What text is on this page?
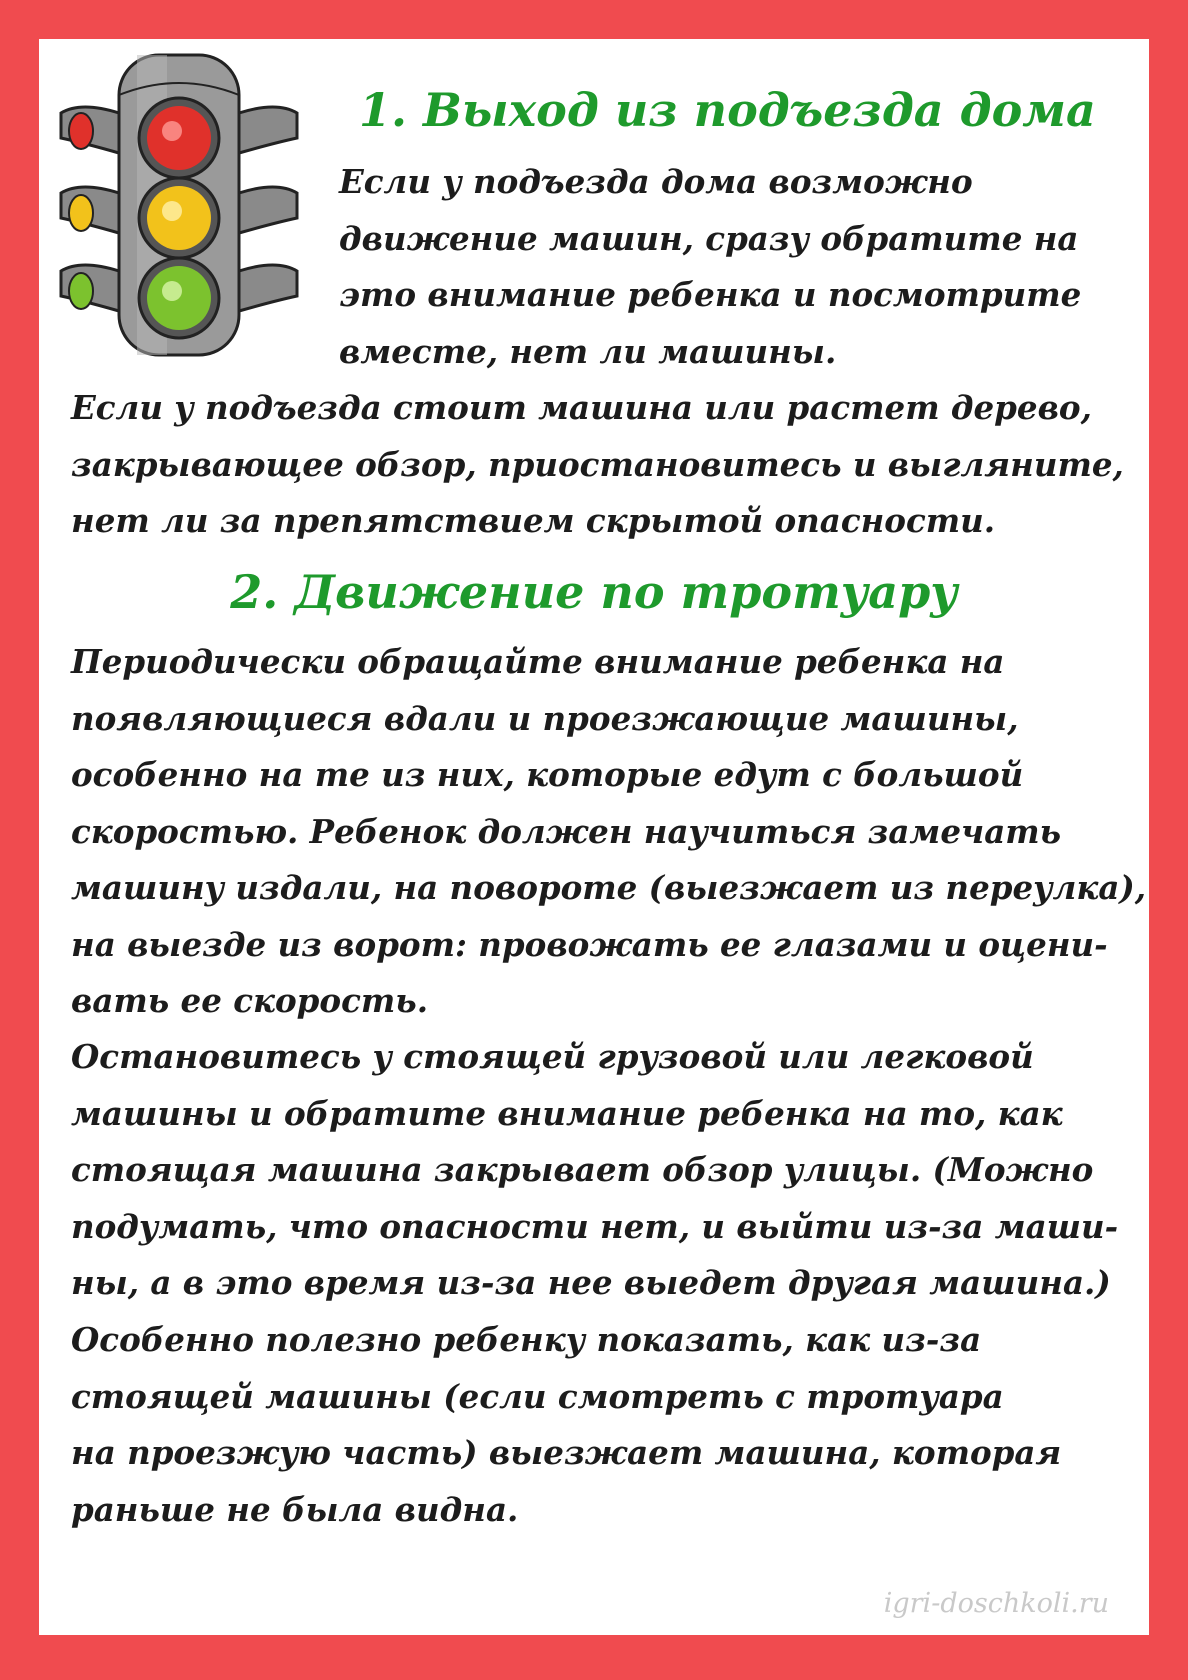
1. Выход из подъезда дома

Если у подъезда дома возможно
движение машин, сразу обратите на
это внимание ребенка и посмотрите
вместе, нет ли машины.

Если у подъезда стоит машина или растет дерево,
закрывающее обзор, приостановитесь и выгляните,
нет ли за препятствием скрытой опасности.

2. Движение по тротуару

Периодически обращайте внимание ребенка на
появляющиеся вдали и проезжающие машины,
особенно на те из них, которые едут с большой
скоростью. Ребенок должен научиться замечать
машину издали, на повороте (выезжает из переулка),
на выезде из ворот: провожать ее глазами и оцени-
вать ее скорость.

Остановитесь у стоящей грузовой или легковой
машины и обратите внимание ребенка на то, как
стоящая машина закрывает обзор улицы. (Можно
подумать, что опасности нет, и выйти из-за маши-
ны, а в это время из-за нее выедет другая машина.)

Особенно полезно ребенку показать, как из-за
стоящей машины (если смотреть с тротуара
на проезжую часть) выезжает машина, которая
раньше не была видна.

igri-doschkoli.ru
